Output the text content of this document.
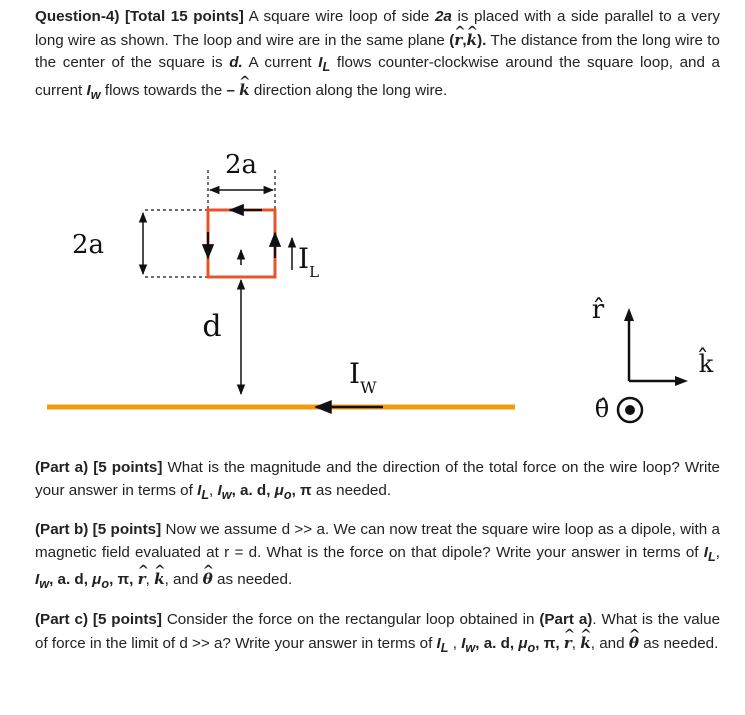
Question-4) [Total 15 points] A square wire loop of side 2a is placed with a side parallel to a very long wire as shown. The loop and wire are in the same plane (^ r,^ k). The distance from the long wire to the center of the square is d. A current $I_L$ flows counter-clockwise around the square loop, and a current $I_w$ flows towards the – ^ k direction along the long wire.

2a
2a	$I_L$
d
$I_W$
r̂
k̂
θ̂

(Part a) [5 points] What is the magnitude and the direction of the total force on the wire loop? Write your answer in terms of $I_L$, $I_w$, a. d, $\mu_o$, π as needed.

(Part b) [5 points] Now we assume d >> a. We can now treat the square wire loop as a dipole, with a magnetic field evaluated at r = d. What is the force on that dipole? Write your answer in terms of $I_L$, $I_w$, a. d, $\mu_o$, π, ^ r, ^ k, and ^ θ as needed.

(Part c) [5 points] Consider the force on the rectangular loop obtained in (Part a). What is the value of force in the limit of d >> a? Write your answer in terms of $I_L$ , $I_w$, a. d, $\mu_o$, π, ^ r, ^ k, and ^ θ as needed.
